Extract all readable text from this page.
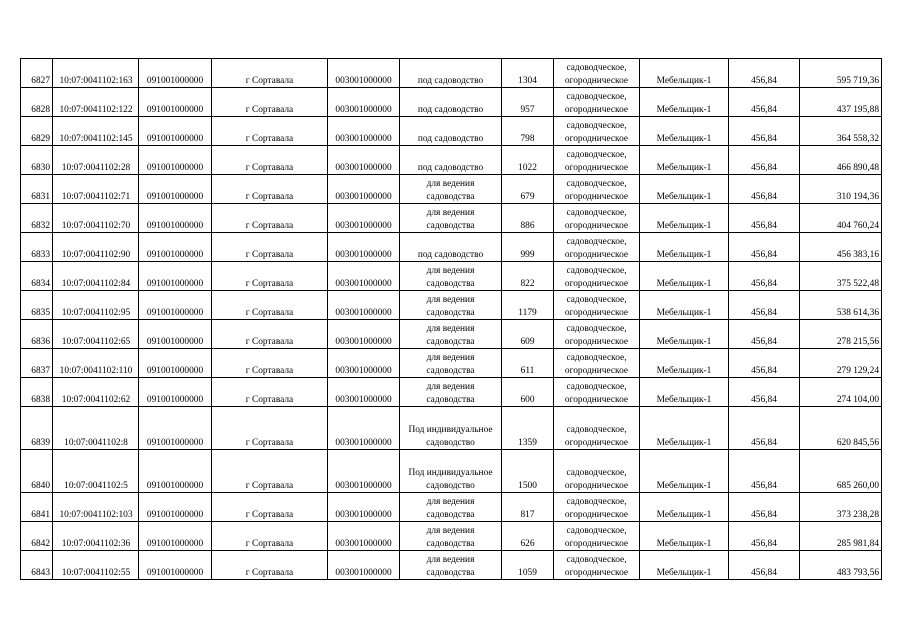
6827	10:07:0041102:163	091001000000	г Сортавала	003001000000	под садоводство	1304	садоводческое, огородническое	Мебельщик-1	456,84	595 719,36
6828	10:07:0041102:122	091001000000	г Сортавала	003001000000	под садоводство	957	садоводческое, огородническое	Мебельщик-1	456,84	437 195,88
6829	10:07:0041102:145	091001000000	г Сортавала	003001000000	под садоводство	798	садоводческое, огородническое	Мебельщик-1	456,84	364 558,32
6830	10:07:0041102:28	091001000000	г Сортавала	003001000000	под садоводство	1022	садоводческое, огородническое	Мебельщик-1	456,84	466 890,48
6831	10:07:0041102:71	091001000000	г Сортавала	003001000000	для ведения садоводства	679	садоводческое, огородническое	Мебельщик-1	456,84	310 194,36
6832	10:07:0041102:70	091001000000	г Сортавала	003001000000	для ведения садоводства	886	садоводческое, огородническое	Мебельщик-1	456,84	404 760,24
6833	10:07:0041102:90	091001000000	г Сортавала	003001000000	под садоводство	999	садоводческое, огородническое	Мебельщик-1	456,84	456 383,16
6834	10:07:0041102:84	091001000000	г Сортавала	003001000000	для ведения садоводства	822	садоводческое, огородническое	Мебельщик-1	456,84	375 522,48
6835	10:07:0041102:95	091001000000	г Сортавала	003001000000	для ведения садоводства	1179	садоводческое, огородническое	Мебельщик-1	456,84	538 614,36
6836	10:07:0041102:65	091001000000	г Сортавала	003001000000	для ведения садоводства	609	садоводческое, огородническое	Мебельщик-1	456,84	278 215,56
6837	10:07:0041102:110	091001000000	г Сортавала	003001000000	для ведения садоводства	611	садоводческое, огородническое	Мебельщик-1	456,84	279 129,24
6838	10:07:0041102:62	091001000000	г Сортавала	003001000000	для ведения садоводства	600	садоводческое, огородническое	Мебельщик-1	456,84	274 104,00
6839	10:07:0041102:8	091001000000	г Сортавала	003001000000	Под индивидуальное садоводство	1359	садоводческое, огородническое	Мебельщик-1	456,84	620 845,56
6840	10:07:0041102:5	091001000000	г Сортавала	003001000000	Под индивидуальное садоводство	1500	садоводческое, огородническое	Мебельщик-1	456,84	685 260,00
6841	10:07:0041102:103	091001000000	г Сортавала	003001000000	для ведения садоводства	817	садоводческое, огородническое	Мебельщик-1	456,84	373 238,28
6842	10:07:0041102:36	091001000000	г Сортавала	003001000000	для ведения садоводства	626	садоводческое, огородническое	Мебельщик-1	456,84	285 981,84
6843	10:07:0041102:55	091001000000	г Сортавала	003001000000	для ведения садоводства	1059	садоводческое, огородническое	Мебельщик-1	456,84	483 793,56
